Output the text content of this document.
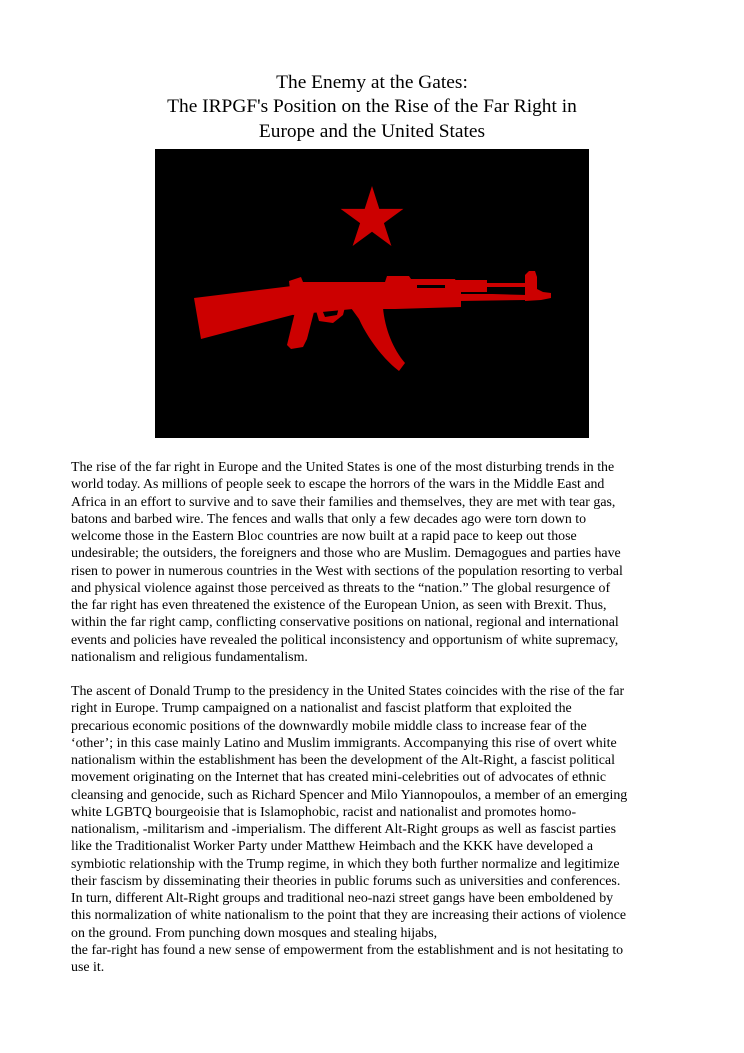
The Enemy at the Gates:
The IRPGF's Position on the Rise of the Far Right in
Europe and the United States

The rise of the far right in Europe and the United States is one of the most disturbing trends in the
world today. As millions of people seek to escape the horrors of the wars in the Middle East and
Africa in an effort to survive and to save their families and themselves, they are met with tear gas,
batons and barbed wire. The fences and walls that only a few decades ago were torn down to
welcome those in the Eastern Bloc countries are now built at a rapid pace to keep out those
undesirable; the outsiders, the foreigners and those who are Muslim. Demagogues and parties have
risen to power in numerous countries in the West with sections of the population resorting to verbal
and physical violence against those perceived as threats to the “nation.” The global resurgence of
the far right has even threatened the existence of the European Union, as seen with Brexit. Thus,
within the far right camp, conflicting conservative positions on national, regional and international
events and policies have revealed the political inconsistency and opportunism of white supremacy,
nationalism and religious fundamentalism.

The ascent of Donald Trump to the presidency in the United States coincides with the rise of the far
right in Europe. Trump campaigned on a nationalist and fascist platform that exploited the
precarious economic positions of the downwardly mobile middle class to increase fear of the
‘other’; in this case mainly Latino and Muslim immigrants. Accompanying this rise of overt white
nationalism within the establishment has been the development of the Alt-Right, a fascist political
movement originating on the Internet that has created mini-celebrities out of advocates of ethnic
cleansing and genocide, such as Richard Spencer and Milo Yiannopoulos, a member of an emerging
white LGBTQ bourgeoisie that is Islamophobic, racist and nationalist and promotes homo-
nationalism, -militarism and -imperialism. The different Alt-Right groups as well as fascist parties
like the Traditionalist Worker Party under Matthew Heimbach and the KKK have developed a
symbiotic relationship with the Trump regime, in which they both further normalize and legitimize
their fascism by disseminating their theories in public forums such as universities and conferences.
In turn, different Alt-Right groups and traditional neo-nazi street gangs have been emboldened by
this normalization of white nationalism to the point that they are increasing their actions of violence
on the ground. From punching down mosques and stealing hijabs,
the far-right has found a new sense of empowerment from the establishment and is not hesitating to
use it.
